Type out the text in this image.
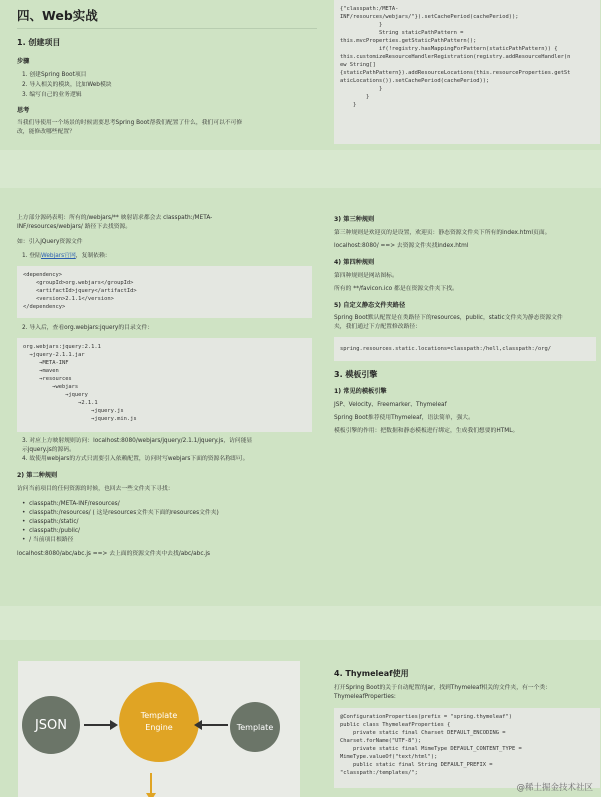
四、Web实战
1. 创建项目
步骤
1. 创建Spring Boot项目
2. 导入相关的模块，比如Web模块
3. 编写自己的业务逻辑
思考
当我们导使用一个场景的时候需要思考Spring Boot帮我们配置了什么，我们可以不可修
改，能修改哪些配置？
{"classpath:/META-
INF/resources/webjars/"}).setCachePeriod(cachePeriod));
}
String staticPathPattern =
this.mvcProperties.getStaticPathPattern();
if(!registry.hasMappingForPattern(staticPathPattern)) {
this.customizeResourceHandlerRegistration(registry.addResourceHandler(n
ew String[]
{staticPathPattern}).addResourceLocations(this.resourceProperties.getSt
aticLocations()).setCachePeriod(cachePeriod));
}
}
}
上方部分源码表明：所有的/webjars/** 映射请求都会去 classpath:/META-
INF/resources/webjars/ 路径下去找资源。
如：引入jQuery资源文件
1. 登陆Webjars官网，复制依赖：
<dependency>
<groupId>org.webjars</groupId>
<artifactId>jquery</artifactId>
<version>2.1.1</version>
</dependency>
2. 导入后，查看org.webjars:jquery的目录文件：
org.webjars:jquery:2.1.1
→jquery-2.1.1.jar
→META-INF
→maven
→resources
→webjars
→jquery
→2.1.1
→jquery.js
→jquery.min.js
3. 对应上方映射规则访问：localhost:8080/webjars/jquery/2.1.1/jquery.js，访问能显
示jquery.js的源码。
4. 故使用webjars的方式只需要引入依赖配置，访问时写webjars下面的资源名称即可。
2) 第二种规则
访问当前项目的任何资源的时候，也回去一些文件夹下寻找：
•  classpath:/META-INF/resources/
•  classpath:/resources/ ( 这是resources文件夹下面的resources文件夹)
•  classpath:/static/
•  classpath:/public/
•  / 当前项目根路径
localhost:8080/abc/abc.js ==> 去上面的资源文件夹中去找/abc/abc.js
3) 第三种规则
第三种规则是欢迎页的是设置，欢迎页：静态资源文件夹下所有的index.html页面。
localhost:8080/ ==> 去资源文件夹找index.html
4) 第四种规则
第四种规则是网站图标。
所有的 **/favicon.ico 都是在资源文件夹下找。
5) 自定义静态文件夹路径
Spring Boot默认配置是在类路径下的resources，public，static文件夹为静态资源文件
夹，我们通过下方配置修改路径：
spring.resources.static.locations=classpath:/hell,classpath:/org/
3. 模板引擎
1) 常见的模板引擎
JSP、Velocity、Freemarker、Thymeleaf
Spring Boot推荐使用Thymeleaf，语法简单，强大。
模板引擎的作用：把数据和静态模板进行绑定，生成我们想要的HTML。
JSON
Template
Engine	Template
4. Thymeleaf使用
打开Spring Boot的关于自动配置的jar，找到Thymeleaf相关的文件夹，有一个类：
ThymeleafProperties:
@ConfigurationProperties(prefix = "spring.thymeleaf")
public class ThymeleafProperties {
private static final Charset DEFAULT_ENCODING =
Charset.forName("UTF-8");
private static final MimeType DEFAULT_CONTENT_TYPE =
MimeType.valueOf("text/html");
public static final String DEFAULT_PREFIX =
"classpath:/templates/";
@稀土掘金技术社区
